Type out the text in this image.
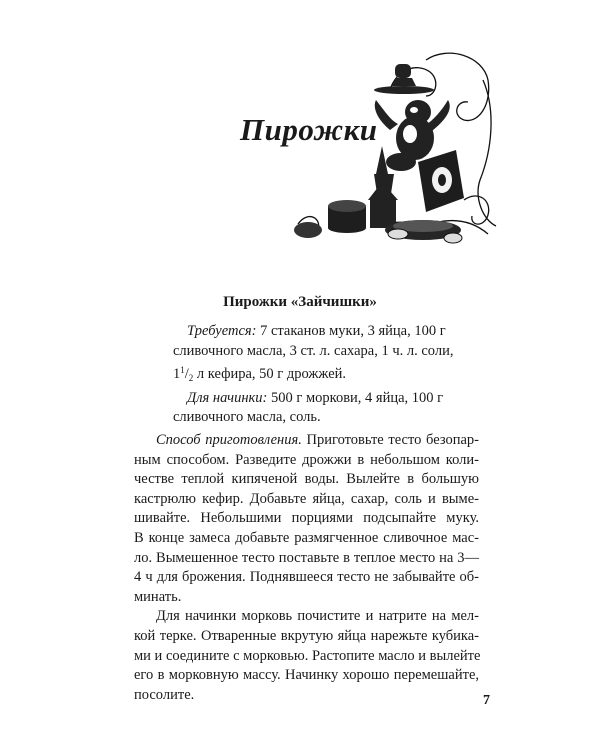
Пирожки
Пирожки «Зайчишки»
Требуется: 7 стаканов муки, 3 яйца, 100 г
сливочного масла, 3 ст. л. сахара, 1 ч. л. соли,
$1^1/_2$ л кефира, 50 г дрожжей.
Для начинки: 500 г моркови, 4 яйца, 100 г
сливочного масла, соль.
Способ приготовления. Приготовьте тесто безопар-
ным способом. Разведите дрожжи в небольшом коли-
честве теплой кипяченой воды. Вылейте в большую
кастрюлю кефир. Добавьте яйца, сахар, соль и выме-
шивайте. Небольшими порциями подсыпайте муку.
В конце замеса добавьте размягченное сливочное мас-
ло. Вымешенное тесто поставьте в теплое место на 3—
4 ч для брожения. Поднявшееся тесто не забывайте об-
минать.
Для начинки морковь почистите и натрите на мел-
кой терке. Отваренные вкрутую яйца нарежьте кубика-
ми и соедините с морковью. Растопите масло и вылейте
его в морковную массу. Начинку хорошо перемешайте,
посолите.	7
